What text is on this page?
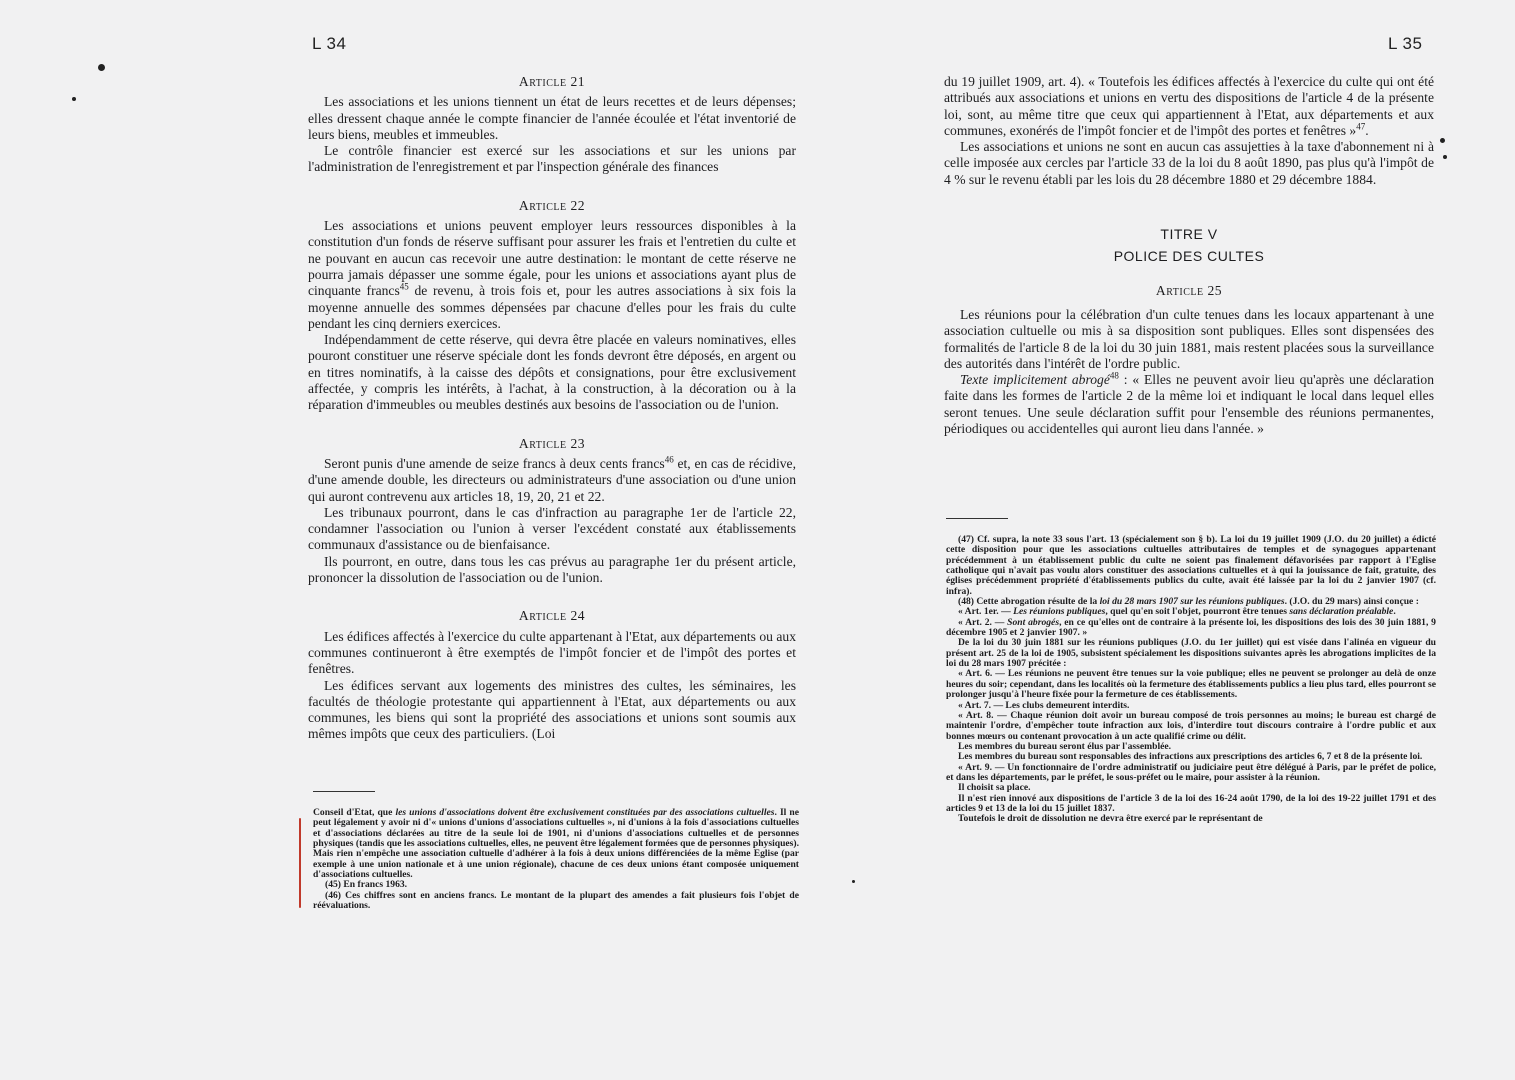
L 34	L 35
Article 21

Les associations et les unions tiennent un état de leurs recettes et de leurs dépenses; elles dressent chaque année le compte financier de l'année écoulée et l'état inventorié de leurs biens, meubles et immeubles.

Le contrôle financier est exercé sur les associations et sur les unions par l'administration de l'enregistrement et par l'inspection générale des finances

Article 22

Les associations et unions peuvent employer leurs ressources disponibles à la constitution d'un fonds de réserve suffisant pour assurer les frais et l'entretien du culte et ne pouvant en aucun cas recevoir une autre destination: le montant de cette réserve ne pourra jamais dépasser une somme égale, pour les unions et associations ayant plus de cinquante francs$^{45}$ de revenu, à trois fois et, pour les autres associations à six fois la moyenne annuelle des sommes dépensées par chacune d'elles pour les frais du culte pendant les cinq derniers exercices.

Indépendamment de cette réserve, qui devra être placée en valeurs nominatives, elles pouront constituer une réserve spéciale dont les fonds devront être déposés, en argent ou en titres nominatifs, à la caisse des dépôts et consignations, pour être exclusivement affectée, y compris les intérêts, à l'achat, à la construction, à la décoration ou à la réparation d'immeubles ou meubles destinés aux besoins de l'association ou de l'union.

Article 23

Seront punis d'une amende de seize francs à deux cents francs$^{46}$ et, en cas de récidive, d'une amende double, les directeurs ou administrateurs d'une association ou d'une union qui auront contrevenu aux articles 18, 19, 20, 21 et 22.

Les tribunaux pourront, dans le cas d'infraction au paragraphe 1er de l'article 22, condamner l'association ou l'union à verser l'excédent constaté aux établissements communaux d'assistance ou de bienfaisance.

Ils pourront, en outre, dans tous les cas prévus au paragraphe 1er du présent article, prononcer la dissolution de l'association ou de l'union.

Article 24

Les édifices affectés à l'exercice du culte appartenant à l'Etat, aux départements ou aux communes continueront à être exemptés de l'impôt foncier et de l'impôt des portes et fenêtres.

Les édifices servant aux logements des ministres des cultes, les séminaires, les facultés de théologie protestante qui appartiennent à l'Etat, aux départements ou aux communes, les biens qui sont la propriété des associations et unions sont soumis aux mêmes impôts que ceux des particuliers. (Loi

Conseil d'Etat, que les unions d'associations doivent être exclusivement constituées par des associations cultuelles. Il ne peut légalement y avoir ni d'« unions d'unions d'associations cultuelles », ni d'unions à la fois d'associations cultuelles et d'associations déclarées au titre de la seule loi de 1901, ni d'unions d'associations cultuelles et de personnes physiques (tandis que les associations cultuelles, elles, ne peuvent être légalement formées que de personnes physiques). Mais rien n'empêche une association cultuelle d'adhérer à la fois à deux unions différenciées de la même Eglise (par exemple à une union nationale et à une union régionale), chacune de ces deux unions étant composée uniquement d'associations cultuelles.

(45) En francs 1963.

(46) Ces chiffres sont en anciens francs. Le montant de la plupart des amendes a fait plusieurs fois l'objet de réévaluations.

du 19 juillet 1909, art. 4). « Toutefois les édifices affectés à l'exercice du culte qui ont été attribués aux associations et unions en vertu des dispositions de l'article 4 de la présente loi, sont, au même titre que ceux qui appartiennent à l'Etat, aux départements et aux communes, exonérés de l'impôt foncier et de l'impôt des portes et fenêtres »$^{47}$.

Les associations et unions ne sont en aucun cas assujetties à la taxe d'abonnement ni à celle imposée aux cercles par l'article 33 de la loi du 8 août 1890, pas plus qu'à l'impôt de 4 % sur le revenu établi par les lois du 28 décembre 1880 et 29 décembre 1884.

TITRE V
POLICE DES CULTES
Article 25

Les réunions pour la célébration d'un culte tenues dans les locaux appartenant à une association cultuelle ou mis à sa disposition sont publiques. Elles sont dispensées des formalités de l'article 8 de la loi du 30 juin 1881, mais restent placées sous la surveillance des autorités dans l'intérêt de l'ordre public.

Texte implicitement abrogé$^{48}$ : « Elles ne peuvent avoir lieu qu'après une déclaration faite dans les formes de l'article 2 de la même loi et indiquant le local dans lequel elles seront tenues. Une seule déclaration suffit pour l'ensemble des réunions permanentes, périodiques ou accidentelles qui auront lieu dans l'année. »

(47) Cf. supra, la note 33 sous l'art. 13 (spécialement son § b). La loi du 19 juillet 1909 (J.O. du 20 juillet) a édicté cette disposition pour que les associations cultuelles attributaires de temples et de synagogues appartenant précédemment à un établissement public du culte ne soient pas finalement défavorisées par rapport à l'Eglise catholique qui n'avait pas voulu alors constituer des associations cultuelles et à qui la jouissance de fait, gratuite, des églises précédemment propriété d'établissements publics du culte, avait été laissée par la loi du 2 janvier 1907 (cf. infra).

(48) Cette abrogation résulte de la loi du 28 mars 1907 sur les réunions publiques. (J.O. du 29 mars) ainsi conçue :

« Art. 1er. — Les réunions publiques, quel qu'en soit l'objet, pourront être tenues sans déclaration préalable.

« Art. 2. — Sont abrogés, en ce qu'elles ont de contraire à la présente loi, les dispositions des lois des 30 juin 1881, 9 décembre 1905 et 2 janvier 1907. »

De la loi du 30 juin 1881 sur les réunions publiques (J.O. du 1er juillet) qui est visée dans l'alinéa en vigueur du présent art. 25 de la loi de 1905, subsistent spécialement les dispositions suivantes après les abrogations implicites de la loi du 28 mars 1907 précitée :

« Art. 6. — Les réunions ne peuvent être tenues sur la voie publique; elles ne peuvent se prolonger au delà de onze heures du soir; cependant, dans les localités où la fermeture des établissements publics a lieu plus tard, elles pourront se prolonger jusqu'à l'heure fixée pour la fermeture de ces établissements.

« Art. 7. — Les clubs demeurent interdits.

« Art. 8. — Chaque réunion doit avoir un bureau composé de trois personnes au moins; le bureau est chargé de maintenir l'ordre, d'empêcher toute infraction aux lois, d'interdire tout discours contraire à l'ordre public et aux bonnes mœurs ou contenant provocation à un acte qualifié crime ou délit.

Les membres du bureau seront élus par l'assemblée.

Les membres du bureau sont responsables des infractions aux prescriptions des articles 6, 7 et 8 de la présente loi.

« Art. 9. — Un fonctionnaire de l'ordre administratif ou judiciaire peut être délégué à Paris, par le préfet de police, et dans les départements, par le préfet, le sous-préfet ou le maire, pour assister à la réunion.

Il choisit sa place.

Il n'est rien innové aux dispositions de l'article 3 de la loi des 16-24 août 1790, de la loi des 19-22 juillet 1791 et des articles 9 et 13 de la loi du 15 juillet 1837.

Toutefois le droit de dissolution ne devra être exercé par le représentant de
